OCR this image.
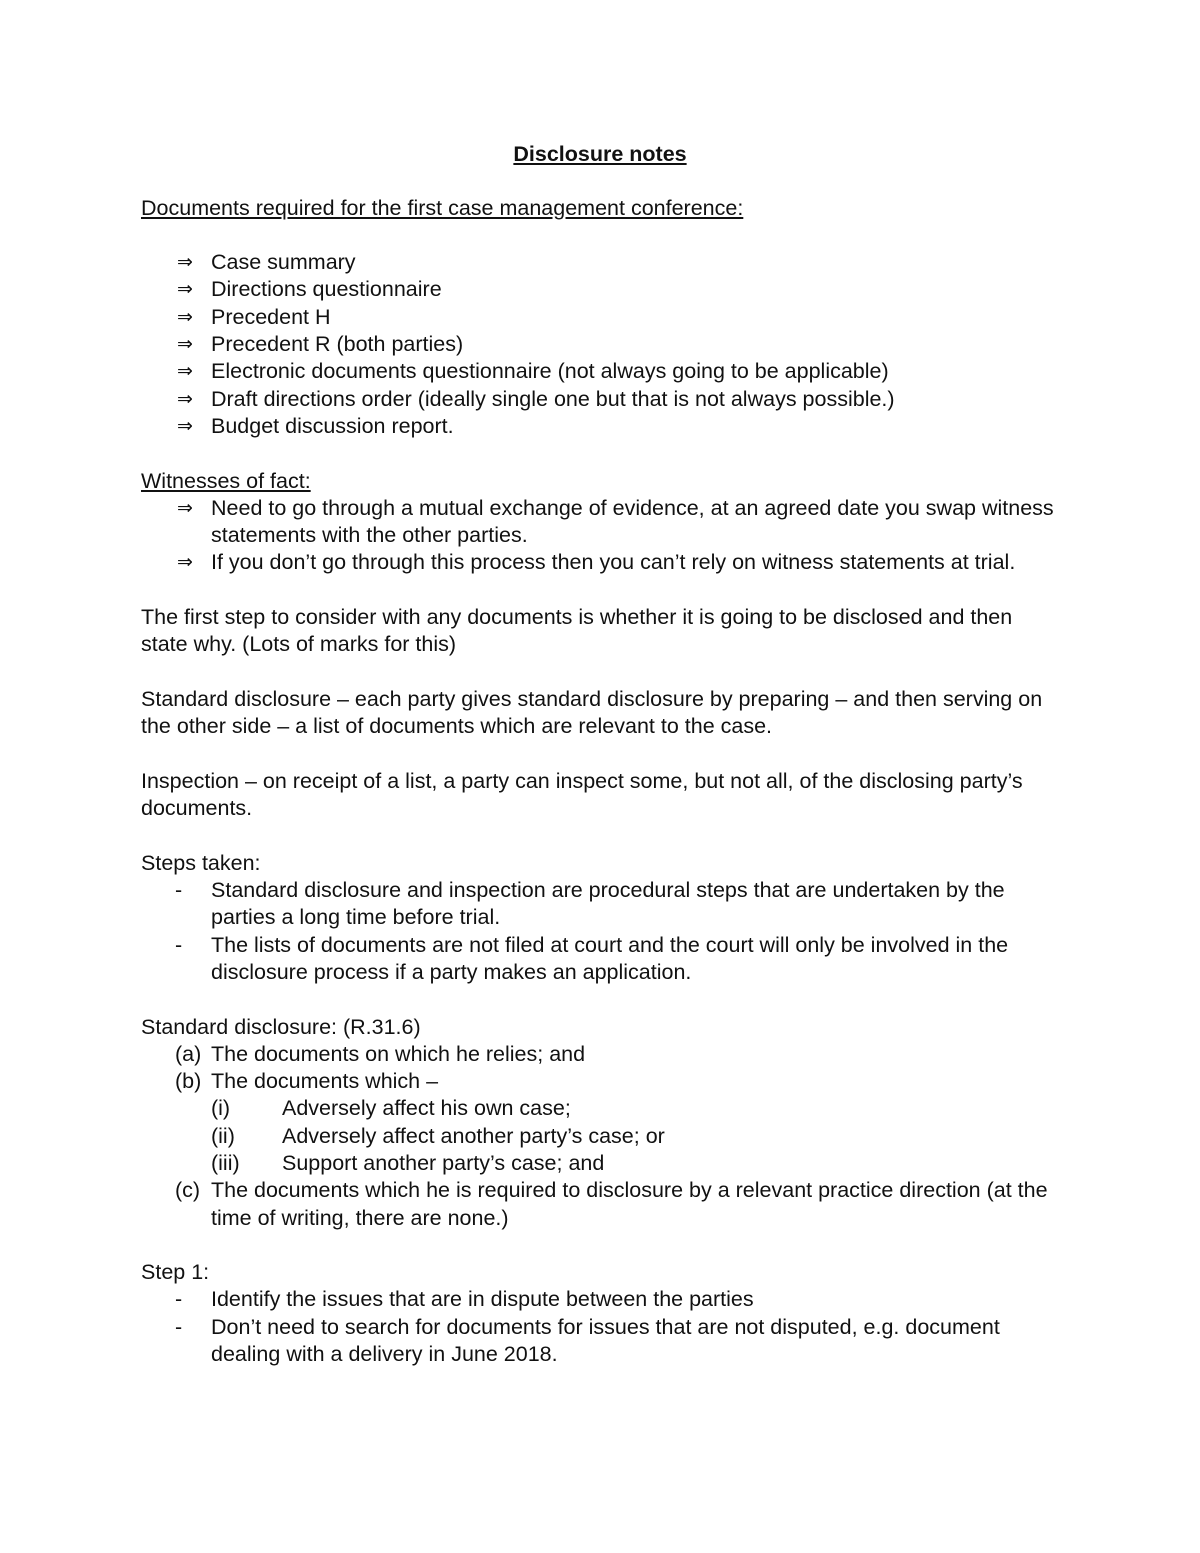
Disclosure notes

Documents required for the first case management conference:

⇒ Case summary
⇒ Directions questionnaire
⇒ Precedent H
⇒ Precedent R (both parties)
⇒ Electronic documents questionnaire (not always going to be applicable)
⇒ Draft directions order (ideally single one but that is not always possible.)
⇒ Budget discussion report.

Witnesses of fact:

⇒ Need to go through a mutual exchange of evidence, at an agreed date you swap witness statements with the other parties.
⇒ If you don’t go through this process then you can’t rely on witness statements at trial.

The first step to consider with any documents is whether it is going to be disclosed and then state why. (Lots of marks for this)

Standard disclosure – each party gives standard disclosure by preparing – and then serving on the other side – a list of documents which are relevant to the case.

Inspection – on receipt of a list, a party can inspect some, but not all, of the disclosing party’s documents.

Steps taken:

- Standard disclosure and inspection are procedural steps that are undertaken by the parties a long time before trial.
- The lists of documents are not filed at court and the court will only be involved in the disclosure process if a party makes an application.

Standard disclosure: (R.31.6)

(a) The documents on which he relies; and
(b) The documents which –
(i) Adversely affect his own case;
(ii) Adversely affect another party’s case; or
(iii) Support another party’s case; and
(c) The documents which he is required to disclosure by a relevant practice direction (at the time of writing, there are none.)

Step 1:

- Identify the issues that are in dispute between the parties
- Don’t need to search for documents for issues that are not disputed, e.g. document dealing with a delivery in June 2018.
